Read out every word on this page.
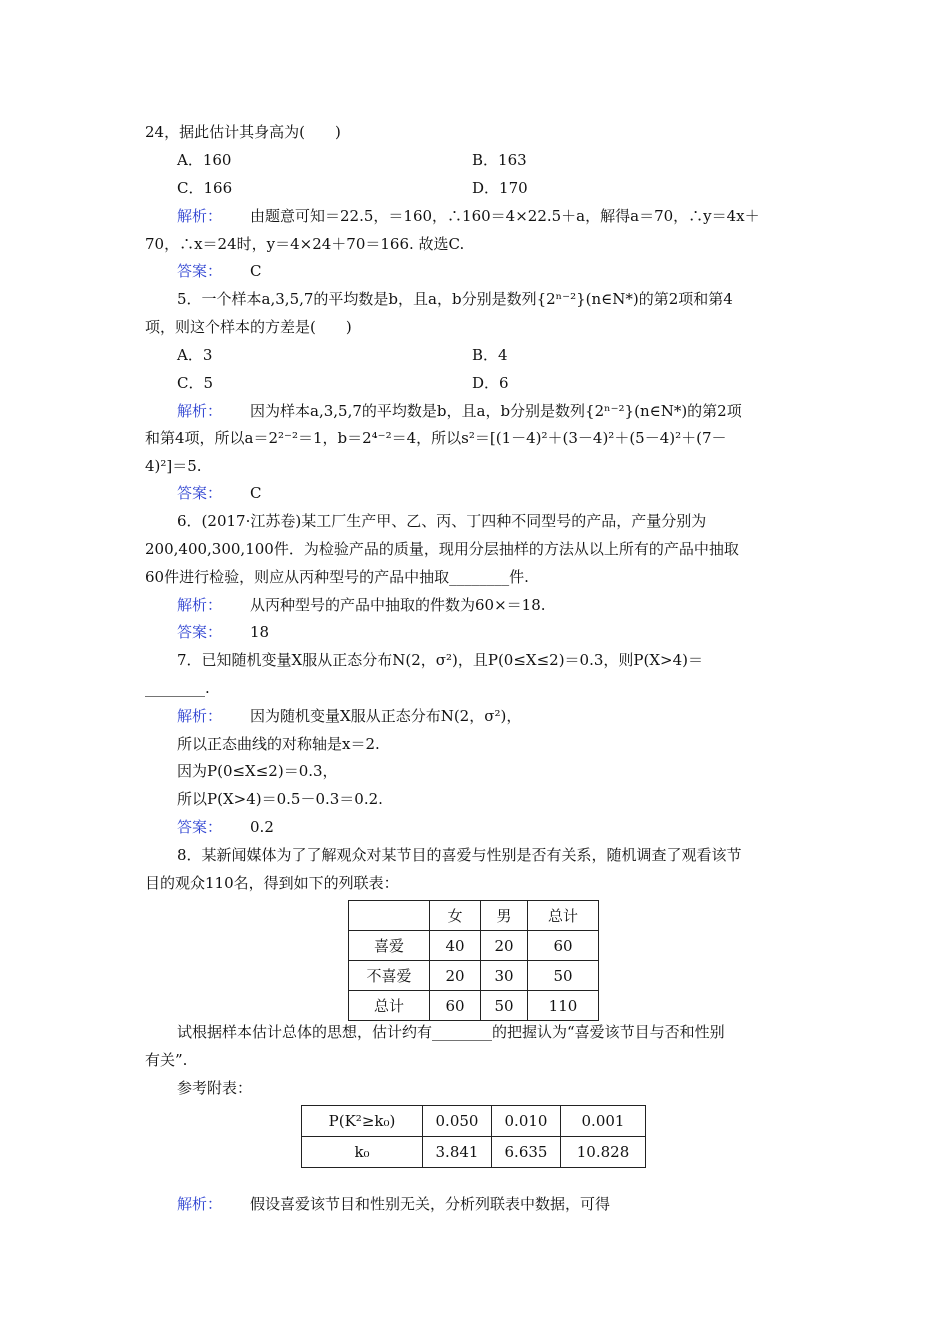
24，据此估计其身高为(　　)
A．160	B．163
C．166	D．170
解析： 由题意可知＝22.5，＝160，∴160＝4×22.5＋a，解得a＝70，∴y＝4x＋
70，∴x＝24时，y＝4×24＋70＝166. 故选C.
答案： C
5．一个样本a,3,5,7的平均数是b，且a，b分别是数列{2ⁿ⁻²}(n∈N*)的第2项和第4
项，则这个样本的方差是(　　)
A．3	B．4
C．5	D．6
解析： 因为样本a,3,5,7的平均数是b，且a，b分别是数列{2ⁿ⁻²}(n∈N*)的第2项
和第4项，所以a＝2²⁻²＝1，b＝2⁴⁻²＝4，所以s²＝[(1－4)²＋(3－4)²＋(5－4)²＋(7－
4)²]＝5.
答案： C
6．(2017·江苏卷)某工厂生产甲、乙、丙、丁四种不同型号的产品，产量分别为
200,400,300,100件．为检验产品的质量，现用分层抽样的方法从以上所有的产品中抽取
60件进行检验，则应从丙种型号的产品中抽取________件.
解析： 从丙种型号的产品中抽取的件数为60×＝18.
答案： 18
7．已知随机变量X服从正态分布N(2，σ²)，且P(0≤X≤2)＝0.3，则P(X>4)＝
________.
解析： 因为随机变量X服从正态分布N(2，σ²)，
所以正态曲线的对称轴是x＝2.
因为P(0≤X≤2)＝0.3，
所以P(X>4)＝0.5－0.3＝0.2.
答案： 0.2
8．某新闻媒体为了了解观众对某节目的喜爱与性别是否有关系，随机调查了观看该节
目的观众110名，得到如下的列联表：
	女	男	总计
喜爱	40	20	60
不喜爱	20	30	50
总计	60	50	110
试根据样本估计总体的思想，估计约有________的把握认为“喜爱该节目与否和性别
有关”.
参考附表：
P(K²≥k₀)	0.050	0.010	0.001
k₀	3.841	6.635	10.828
解析： 假设喜爱该节目和性别无关，分析列联表中数据，可得
